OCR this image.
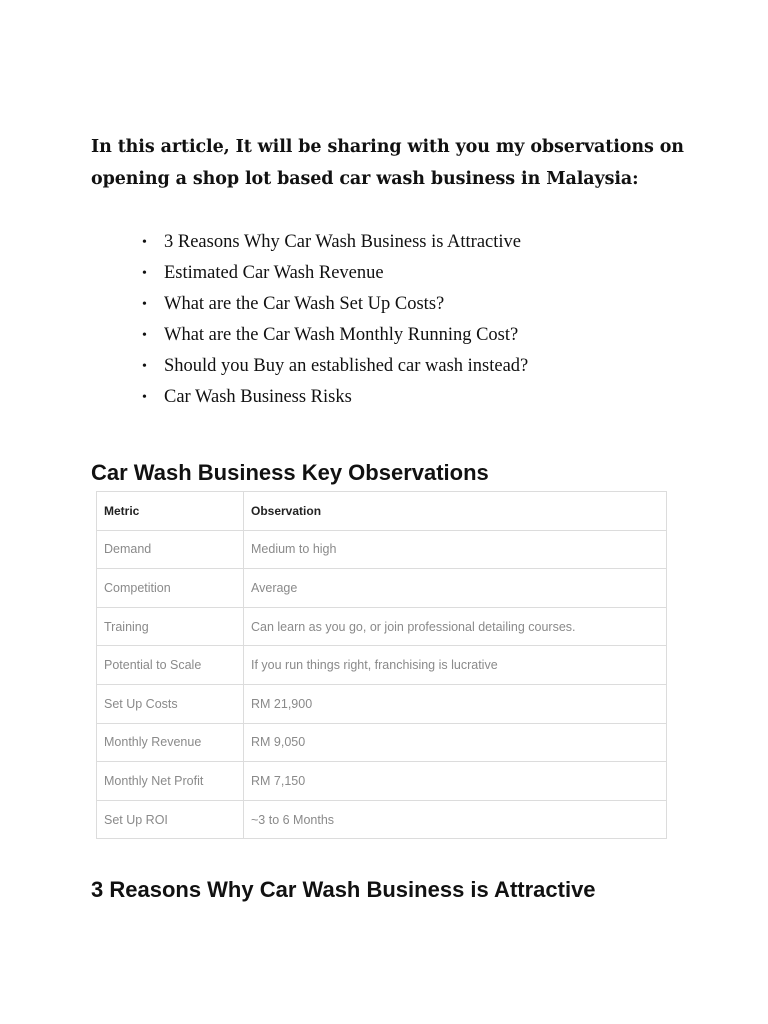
In this article, It will be sharing with you my observations on opening a shop lot based car wash business in Malaysia:

• 3 Reasons Why Car Wash Business is Attractive
• Estimated Car Wash Revenue
• What are the Car Wash Set Up Costs?
• What are the Car Wash Monthly Running Cost?
• Should you Buy an established car wash instead?
• Car Wash Business Risks
Car Wash Business Key Observations
Metric	Observation
Demand	Medium to high
Competition	Average
Training	Can learn as you go, or join professional detailing courses.
Potential to Scale	If you run things right, franchising is lucrative
Set Up Costs	RM 21,900
Monthly Revenue	RM 9,050
Monthly Net Profit	RM 7,150
Set Up ROI	~3 to 6 Months
3 Reasons Why Car Wash Business is Attractive
